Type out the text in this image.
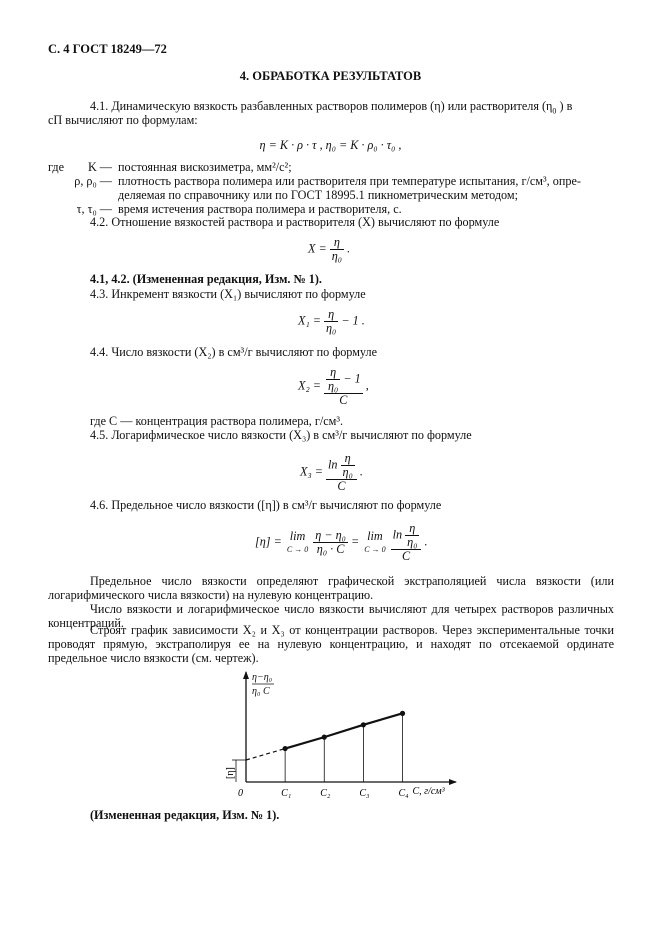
С. 4 ГОСТ 18249—72
4. ОБРАБОТКА РЕЗУЛЬТАТОВ
4.1. Динамическую вязкость разбавленных растворов полимеров (η) или растворителя ($\eta_0$ ) в
сП вычисляют по формулам:
η = K · ρ · τ , η₀ = K · ρ₀ · τ₀ ,
где	K — постоянная вискозиметра, мм²/с²;
ρ, ρ₀ — плотность раствора полимера или растворителя при температуре испытания, г/см³, опре-
деляемая по справочнику или по ГОСТ 18995.1 пикнометрическим методом;
τ, τ₀ — время истечения раствора полимера и растворителя, с.
4.2. Отношение вязкостей раствора и растворителя (X) вычисляют по формуле
$X = \frac{\eta}{\text{η₀}}$ .
4.1, 4.2. (Измененная редакция, Изм. № 1).
4.3. Инкремент вязкости (X₁) вычисляют по формуле
$X_1 = \frac{\eta}{\text{η₀}} - 1$ .
4.4. Число вязкости (X₂) в см³/г вычисляют по формуле
$X_2 = \frac{\frac{\eta}{\text{η₀}} - 1}{C}$ ,
где C — концентрация раствора полимера, г/см³.
4.5. Логарифмическое число вязкости (X₃) в см³/г вычисляют по формуле
$X_3 = \frac{\ln \frac{\eta}{\text{η₀}}}{C}$ .
4.6. Предельное число вязкости ([η]) в см³/г вычисляют по формуле
[η] = lim
C → 0
$\frac{\text{η − η₀}}{\text{η₀ · C}} = \lim$
C → 0
$\frac{\ln \frac{\eta}{\text{η₀}}}{C}$ .
Предельное число вязкости определяют графической экстраполяцией числа вязкости (или логарифмического числа вязкости) на нулевую концентрацию.
Число вязкости и логарифмическое число вязкости вычисляют для четырех растворов различных концентраций.
Строят график зависимости X₂ и X₃ от концентрации растворов. Через экспериментальные точки проводят прямую, экстраполируя ее на нулевую концентрацию, и находят по отсекаемой ординате предельное число вязкости (см. чертеж).
η−η₀
η₀ C
0
[η]
C₁	C₂	C₃	C₄ C, г/см³
(Измененная редакция, Изм. № 1).
